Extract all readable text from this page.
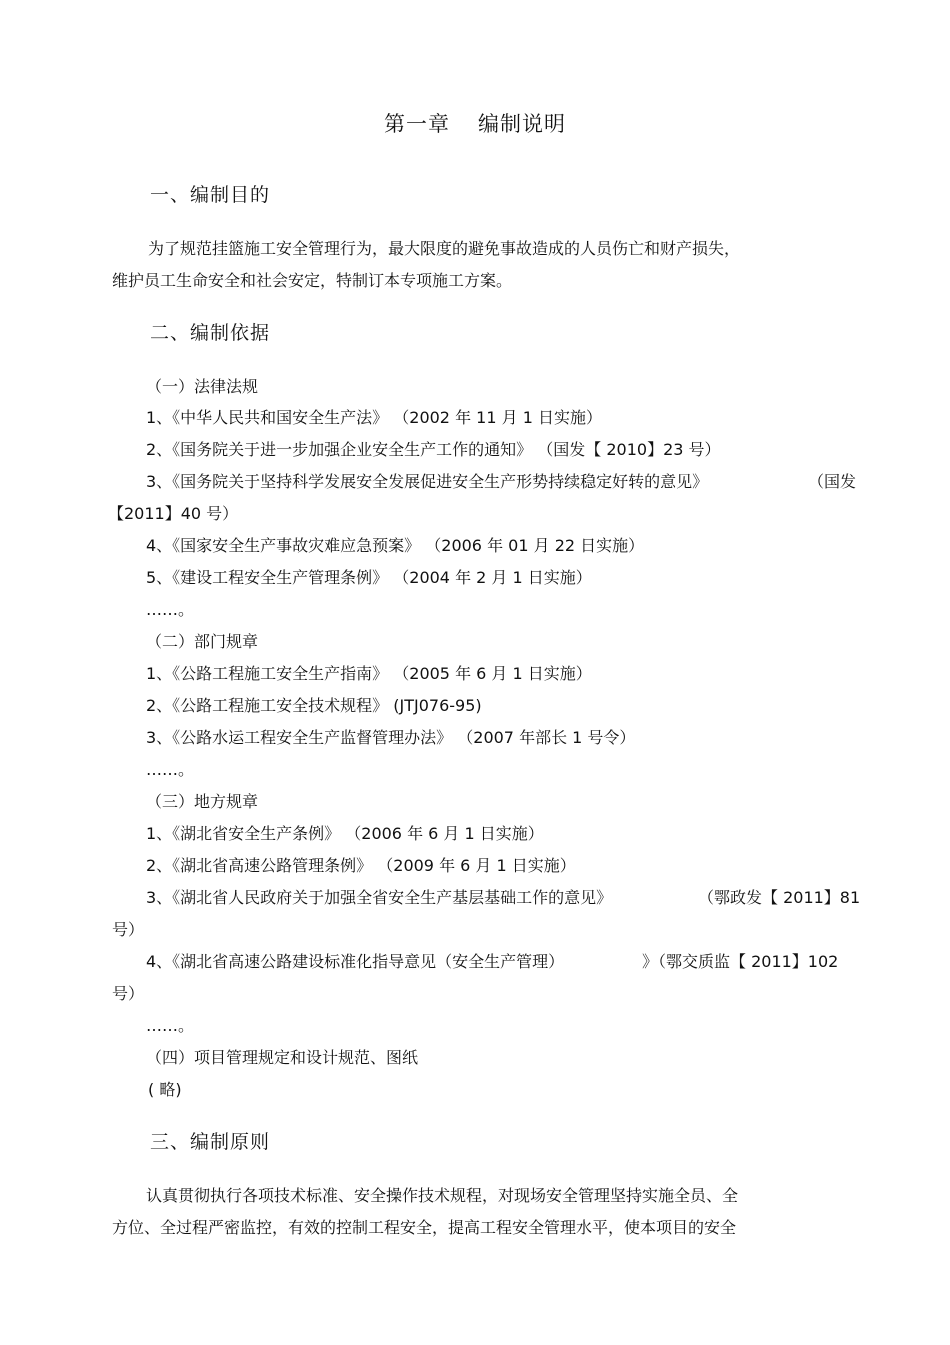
第一章 编制说明
一、编制目的
为了规范挂篮施工安全管理行为，最大限度的避免事故造成的人员伤亡和财产损失，
维护员工生命安全和社会安定，特制订本专项施工方案。
二、编制依据
（一）法律法规
1、《中华人民共和国安全生产法》 （2002 年 11 月 1 日实施）
2、《国务院关于进一步加强企业安全生产工作的通知》 （国发【 2010】23 号）
3、《国务院关于坚持科学发展安全发展促进安全生产形势持续稳定好转的意见》	（国发
【2011】40 号）
4、《国家安全生产事故灾难应急预案》 （2006 年 01 月 22 日实施）
5、《建设工程安全生产管理条例》 （2004 年 2 月 1 日实施）
……。
（二）部门规章
1、《公路工程施工安全生产指南》 （2005 年 6 月 1 日实施）
2、《公路工程施工安全技术规程》 (JTJ076-95)
3、《公路水运工程安全生产监督管理办法》 （2007 年部长 1 号令）
……。
（三）地方规章
1、《湖北省安全生产条例》 （2006 年 6 月 1 日实施）
2、《湖北省高速公路管理条例》 （2009 年 6 月 1 日实施）
3、《湖北省人民政府关于加强全省安全生产基层基础工作的意见》	（鄂政发【 2011】81
号）
4、《湖北省高速公路建设标准化指导意见（安全生产管理）	》（鄂交质监【 2011】102
号）
……。
（四）项目管理规定和设计规范、图纸
( 略)
三、编制原则
认真贯彻执行各项技术标准、安全操作技术规程，对现场安全管理坚持实施全员、全
方位、全过程严密监控，有效的控制工程安全，提高工程安全管理水平，使本项目的安全
